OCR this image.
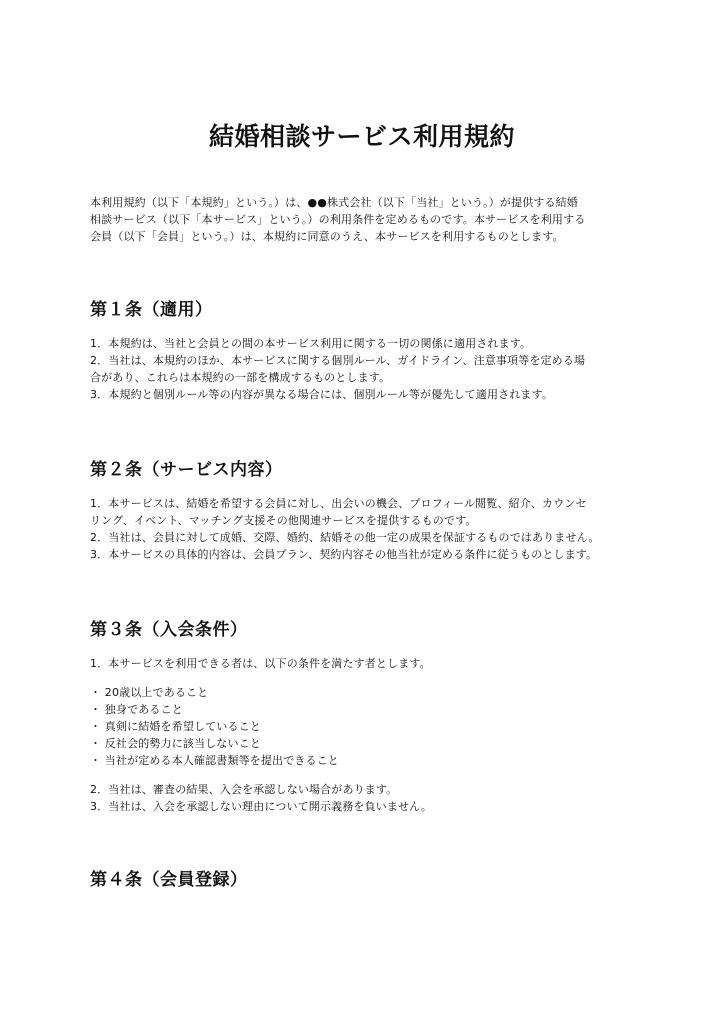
結婚相談サービス利用規約
本利用規約（以下「本規約」という。）は、●●株式会社（以下「当社」という。）が提供する結婚
相談サービス（以下「本サービス」という。）の利用条件を定めるものです。本サービスを利用する
会員（以下「会員」という。）は、本規約に同意のうえ、本サービスを利用するものとします。
第１条（適用）
1．本規約は、当社と会員との間の本サービス利用に関する一切の関係に適用されます。
2．当社は、本規約のほか、本サービスに関する個別ルール、ガイドライン、注意事項等を定める場
合があり、これらは本規約の一部を構成するものとします。
3．本規約と個別ルール等の内容が異なる場合には、個別ルール等が優先して適用されます。
第２条（サービス内容）
1．本サービスは、結婚を希望する会員に対し、出会いの機会、プロフィール閲覧、紹介、カウンセ
リング、イベント、マッチング支援その他関連サービスを提供するものです。
2．当社は、会員に対して成婚、交際、婚約、結婚その他一定の成果を保証するものではありません。
3．本サービスの具体的内容は、会員プラン、契約内容その他当社が定める条件に従うものとします。
第３条（入会条件）
1．本サービスを利用できる者は、以下の条件を満たす者とします。
・ 20歳以上であること
・ 独身であること
・ 真剣に結婚を希望していること
・ 反社会的勢力に該当しないこと
・ 当社が定める本人確認書類等を提出できること
2．当社は、審査の結果、入会を承認しない場合があります。
3．当社は、入会を承認しない理由について開示義務を負いません。
第４条（会員登録）
